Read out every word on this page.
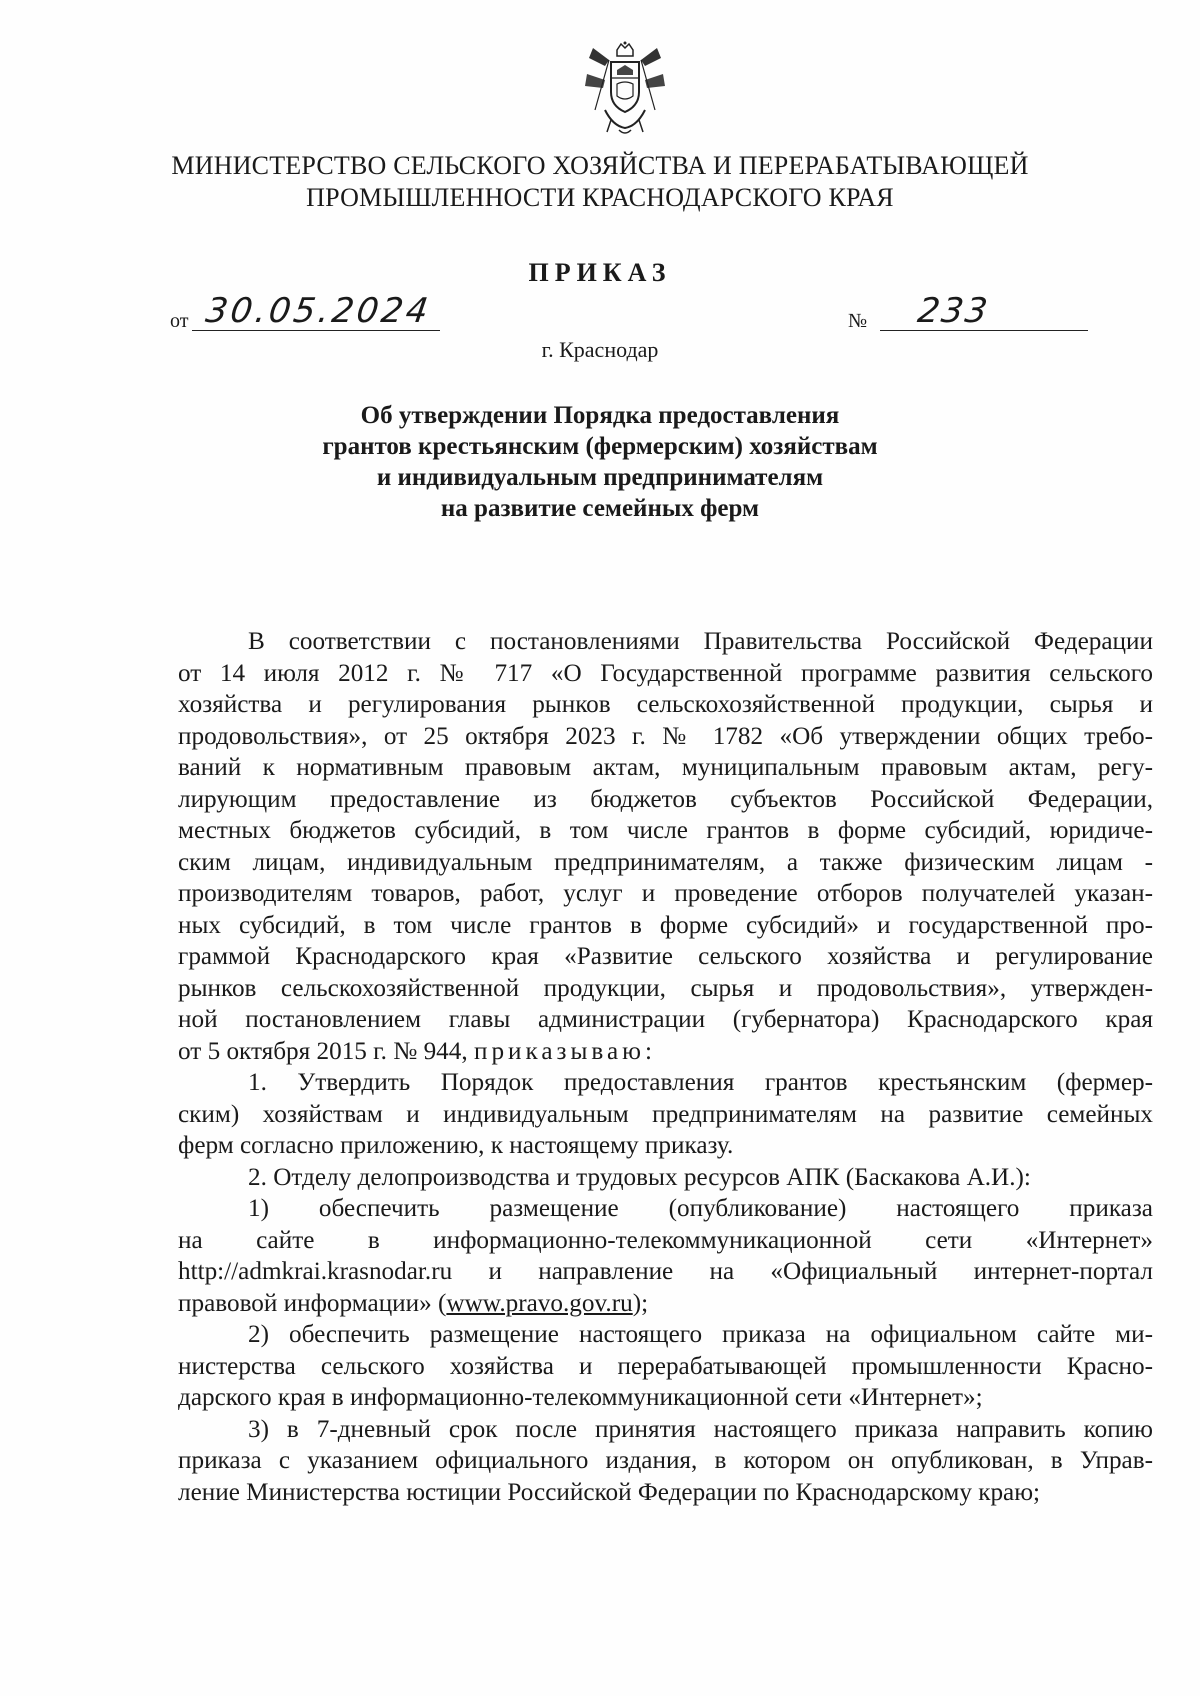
МИНИСТЕРСТВО СЕЛЬСКОГО ХОЗЯЙСТВА И ПЕРЕРАБАТЫВАЮЩЕЙ
ПРОМЫШЛЕННОСТИ КРАСНОДАРСКОГО КРАЯ
ПРИКАЗ
от 30.05.2024	№ 233
г. Краснодар
Об утверждении Порядка предоставления
грантов крестьянским (фермерским) хозяйствам
и индивидуальным предпринимателям
на развитие семейных ферм
В соответствии с постановлениями Правительства Российской Федерации
от 14 июля 2012 г. № 717 «О Государственной программе развития сельского
хозяйства и регулирования рынков сельскохозяйственной продукции, сырья и
продовольствия», от 25 октября 2023 г. № 1782 «Об утверждении общих требо-
ваний к нормативным правовым актам, муниципальным правовым актам, регу-
лирующим предоставление из бюджетов субъектов Российской Федерации,
местных бюджетов субсидий, в том числе грантов в форме субсидий, юридиче-
ским лицам, индивидуальным предпринимателям, а также физическим лицам -
производителям товаров, работ, услуг и проведение отборов получателей указан-
ных субсидий, в том числе грантов в форме субсидий» и государственной про-
граммой Краснодарского края «Развитие сельского хозяйства и регулирование
рынков сельскохозяйственной продукции, сырья и продовольствия», утвержден-
ной постановлением главы администрации (губернатора) Краснодарского края
от 5 октября 2015 г. № 944, приказываю:
1. Утвердить Порядок предоставления грантов крестьянским (фермер-
ским) хозяйствам и индивидуальным предпринимателям на развитие семейных
ферм согласно приложению, к настоящему приказу.
2. Отделу делопроизводства и трудовых ресурсов АПК (Баскакова А.И.):
1) обеспечить размещение (опубликование) настоящего приказа
на сайте в информационно-телекоммуникационной сети «Интернет»
http://admkrai.krasnodar.ru и направление на «Официальный интернет-портал
правовой информации» (www.pravo.gov.ru);
2) обеспечить размещение настоящего приказа на официальном сайте ми-
нистерства сельского хозяйства и перерабатывающей промышленности Красно-
дарского края в информационно-телекоммуникационной сети «Интернет»;
3) в 7-дневный срок после принятия настоящего приказа направить копию
приказа с указанием официального издания, в котором он опубликован, в Управ-
ление Министерства юстиции Российской Федерации по Краснодарскому краю;
